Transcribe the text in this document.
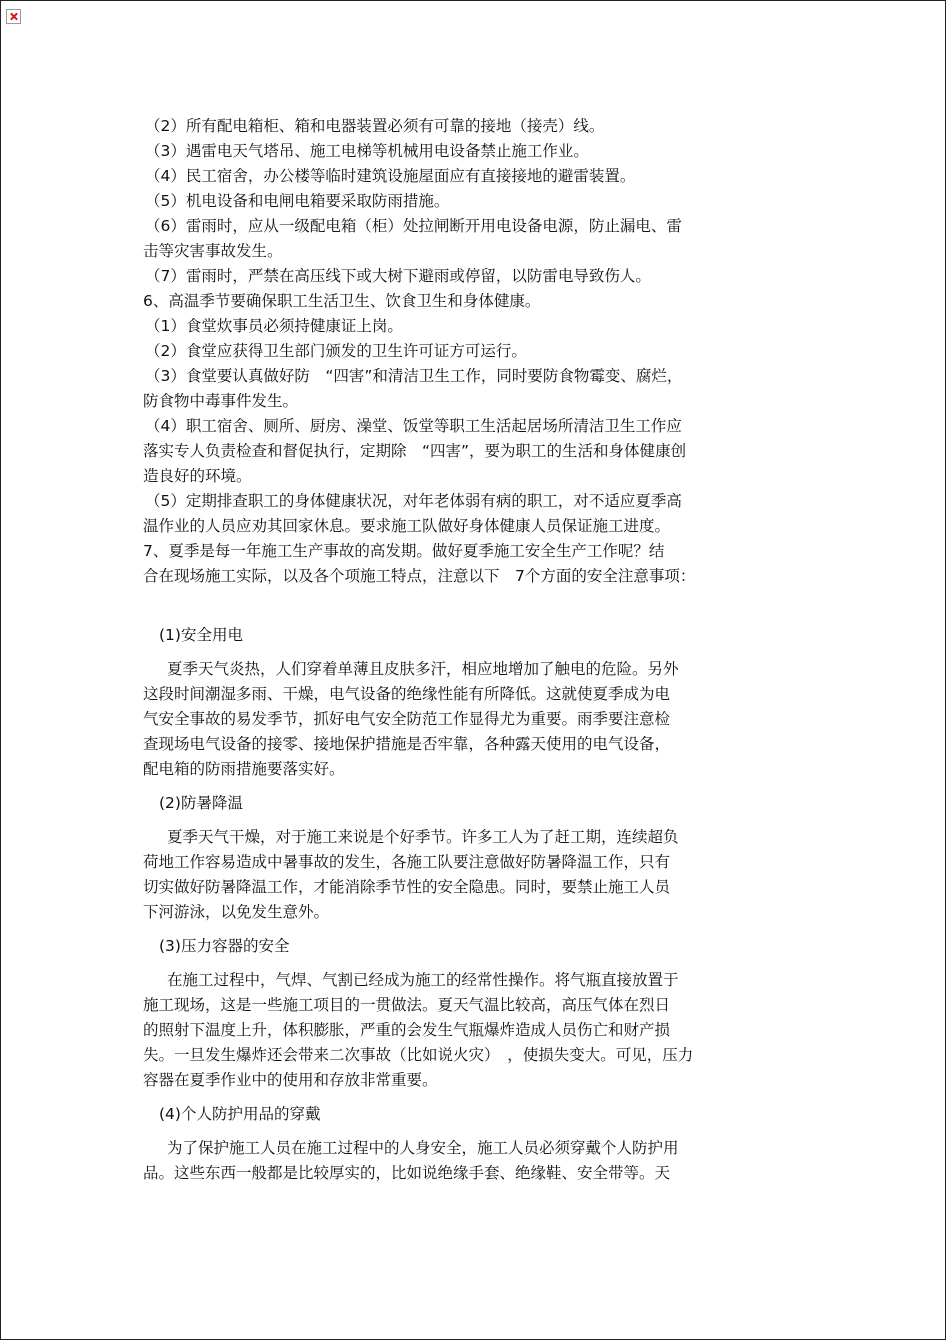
（2）所有配电箱柜、箱和电器装置必须有可靠的接地（接壳）线。

（3）遇雷电天气塔吊、施工电梯等机械用电设备禁止施工作业。

（4）民工宿舍，办公楼等临时建筑设施屋面应有直接接地的避雷装置。

（5）机电设备和电闸电箱要采取防雨措施。

（6）雷雨时，应从一级配电箱（柜）处拉闸断开用电设备电源，防止漏电、雷

击等灾害事故发生。

（7）雷雨时，严禁在高压线下或大树下避雨或停留，以防雷电导致伤人。

6、高温季节要确保职工生活卫生、饮食卫生和身体健康。

（1）食堂炊事员必须持健康证上岗。

（2）食堂应获得卫生部门颁发的卫生许可证方可运行。

（3）食堂要认真做好防　“四害”和清洁卫生工作，同时要防食物霉变、腐烂，

防食物中毒事件发生。

（4）职工宿舍、厕所、厨房、澡堂、饭堂等职工生活起居场所清洁卫生工作应

落实专人负责检查和督促执行，定期除　“四害”，要为职工的生活和身体健康创

造良好的环境。

（5）定期排查职工的身体健康状况，对年老体弱有病的职工，对不适应夏季高

温作业的人员应劝其回家休息。要求施工队做好身体健康人员保证施工进度。

7、夏季是每一年施工生产事故的高发期。做好夏季施工安全生产工作呢？结

合在现场施工实际，以及各个项施工特点，注意以下　7个方面的安全注意事项：

(1)安全用电

夏季天气炎热，人们穿着单薄且皮肤多汗，相应地增加了触电的危险。另外

这段时间潮湿多雨、干燥，电气设备的绝缘性能有所降低。这就使夏季成为电

气安全事故的易发季节，抓好电气安全防范工作显得尤为重要。雨季要注意检

查现场电气设备的接零、接地保护措施是否牢靠，各种露天使用的电气设备，

配电箱的防雨措施要落实好。

(2)防暑降温

夏季天气干燥，对于施工来说是个好季节。许多工人为了赶工期，连续超负

荷地工作容易造成中暑事故的发生，各施工队要注意做好防暑降温工作，只有

切实做好防暑降温工作，才能消除季节性的安全隐患。同时，要禁止施工人员

下河游泳，以免发生意外。

(3)压力容器的安全

在施工过程中，气焊、气割已经成为施工的经常性操作。将气瓶直接放置于

施工现场，这是一些施工项目的一贯做法。夏天气温比较高，高压气体在烈日

的照射下温度上升，体积膨胀，严重的会发生气瓶爆炸造成人员伤亡和财产损

失。一旦发生爆炸还会带来二次事故（比如说火灾）　，使损失变大。可见，压力

容器在夏季作业中的使用和存放非常重要。

(4)个人防护用品的穿戴

为了保护施工人员在施工过程中的人身安全，施工人员必须穿戴个人防护用

品。这些东西一般都是比较厚实的，比如说绝缘手套、绝缘鞋、安全带等。天
